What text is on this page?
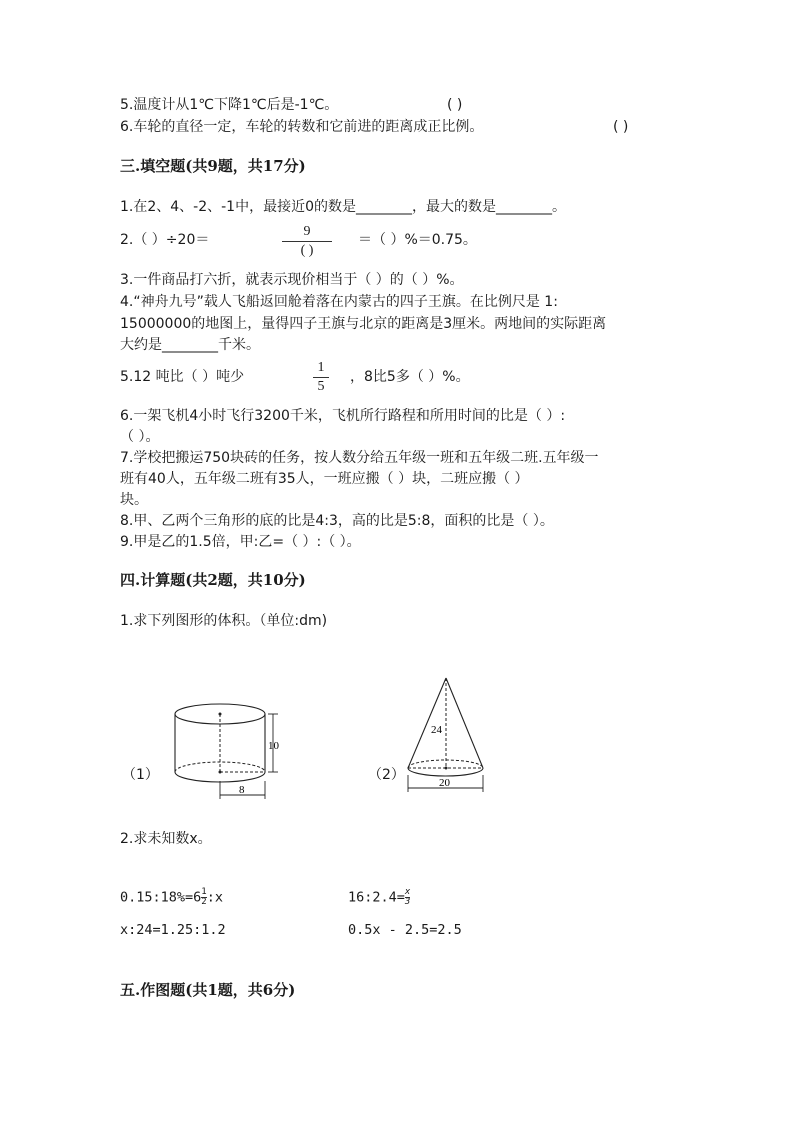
5.温度计从1℃下降1℃后是-1℃。	( )
6.车轮的直径一定，车轮的转数和它前进的距离成正比例。	( )
三.填空题(共9题，共17分)
1.在2、4、-2、-1中，最接近0的数是________，最大的数是________。
2.（ ）÷20＝
9
( )
＝（ ）%＝0.75。
3.一件商品打六折，就表示现价相当于（ ）的（ ）%。
4.“神舟九号”载人飞船返回舱着落在内蒙古的四子王旗。在比例尺是 1:
15000000的地图上，量得四子王旗与北京的距离是3厘米。两地间的实际距离
大约是________千米。
5.12 吨比（ ）吨少
1
5
，8比5多（ ）%。
6.一架飞机4小时飞行3200千米，飞机所行路程和所用时间的比是（ ）:
（ ）。
7.学校把搬运750块砖的任务，按人数分给五年级一班和五年级二班.五年级一
班有40人，五年级二班有35人，一班应搬（ ）块，二班应搬（ ）
块。
8.甲、乙两个三角形的底的比是4:3，高的比是5:8，面积的比是（ ）。
9.甲是乙的1.5倍，甲:乙=（ ）:（ ）。
四.计算题(共2题，共10分)
1.求下列图形的体积。（单位:dm)
（1）
10
8
（2）
24
20
2.求未知数x。
0.15:18%=6 $\frac{1}{2}$ :x	16:2.4= $\frac{x}{3}$
x:24=1.25:1.2	0.5x - 2.5=2.5
五.作图题(共1题，共6分)
